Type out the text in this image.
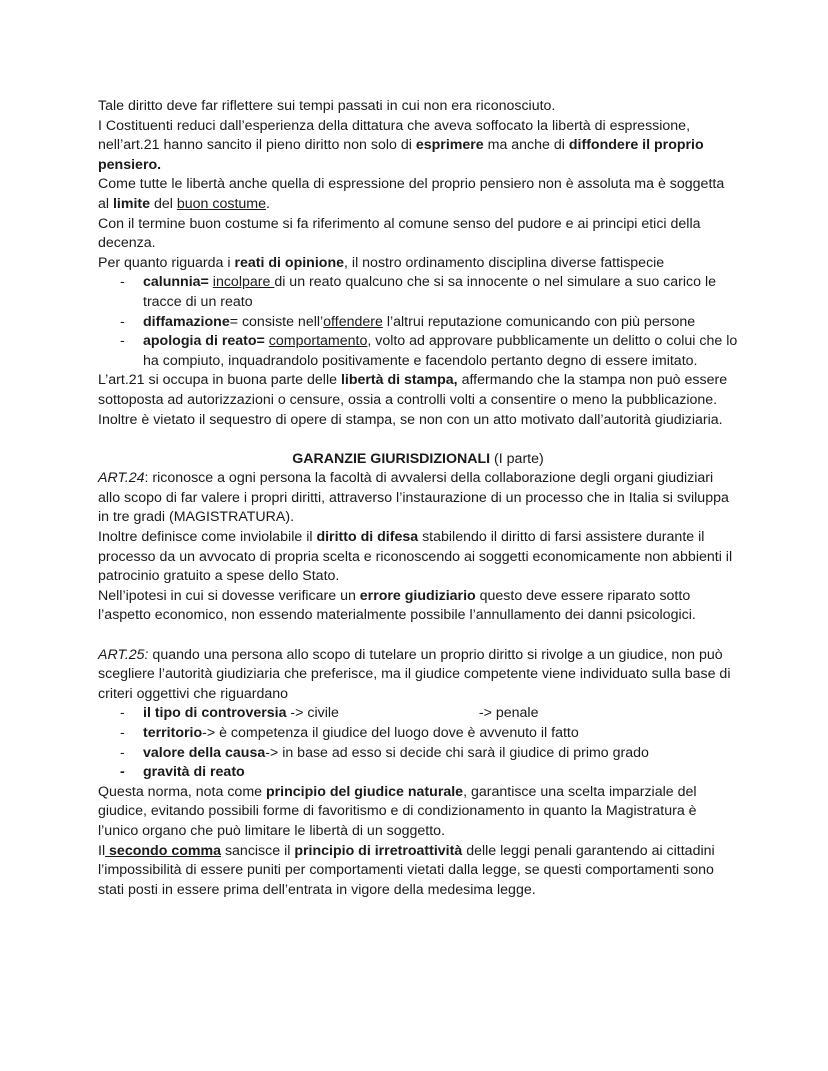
Tale diritto deve far riflettere sui tempi passati in cui non era riconosciuto.

I Costituenti reduci dall’esperienza della dittatura che aveva soffocato la libertà di espressione, nell’art.21 hanno sancito il pieno diritto non solo di esprimere ma anche di diffondere il proprio pensiero.

Come tutte le libertà anche quella di espressione del proprio pensiero non è assoluta ma è soggetta al limite del buon costume.

Con il termine buon costume si fa riferimento al comune senso del pudore e ai principi etici della decenza.

Per quanto riguarda i reati di opinione, il nostro ordinamento disciplina diverse fattispecie

- calunnia= incolpare di un reato qualcuno che si sa innocente o nel simulare a suo carico le tracce di un reato
- diffamazione= consiste nell’offendere l’altrui reputazione comunicando con più persone
- apologia di reato= comportamento, volto ad approvare pubblicamente un delitto o colui che lo ha compiuto, inquadrandolo positivamente e facendolo pertanto degno di essere imitato.

L’art.21 si occupa in buona parte delle libertà di stampa, affermando che la stampa non può essere sottoposta ad autorizzazioni o censure, ossia a controlli volti a consentire o meno la pubblicazione.

Inoltre è vietato il sequestro di opere di stampa, se non con un atto motivato dall’autorità giudiziaria.

GARANZIE GIURISDIZIONALI (I parte)

ART.24: riconosce a ogni persona la facoltà di avvalersi della collaborazione degli organi giudiziari allo scopo di far valere i propri diritti, attraverso l’instaurazione di un processo che in Italia si sviluppa in tre gradi (MAGISTRATURA).

Inoltre definisce come inviolabile il diritto di difesa stabilendo il diritto di farsi assistere durante il processo da un avvocato di propria scelta e riconoscendo ai soggetti economicamente non abbienti il patrocinio gratuito a spese dello Stato.

Nell’ipotesi in cui si dovesse verificare un errore giudiziario questo deve essere riparato sotto l’aspetto economico, non essendo materialmente possibile l’annullamento dei danni psicologici.

ART.25: quando una persona allo scopo di tutelare un proprio diritto si rivolge a un giudice, non può scegliere l’autorità giudiziaria che preferisce, ma il giudice competente viene individuato sulla base di criteri oggettivi che riguardano

- il tipo di controversia -> civile	-> penale
- territorio-> è competenza il giudice del luogo dove è avvenuto il fatto
- valore della causa-> in base ad esso si decide chi sarà il giudice di primo grado
- gravità di reato

Questa norma, nota come principio del giudice naturale, garantisce una scelta imparziale del giudice, evitando possibili forme di favoritismo e di condizionamento in quanto la Magistratura è l’unico organo che può limitare le libertà di un soggetto.

Il secondo comma sancisce il principio di irretroattività delle leggi penali garantendo ai cittadini l’impossibilità di essere puniti per comportamenti vietati dalla legge, se questi comportamenti sono stati posti in essere prima dell’entrata in vigore della medesima legge.
